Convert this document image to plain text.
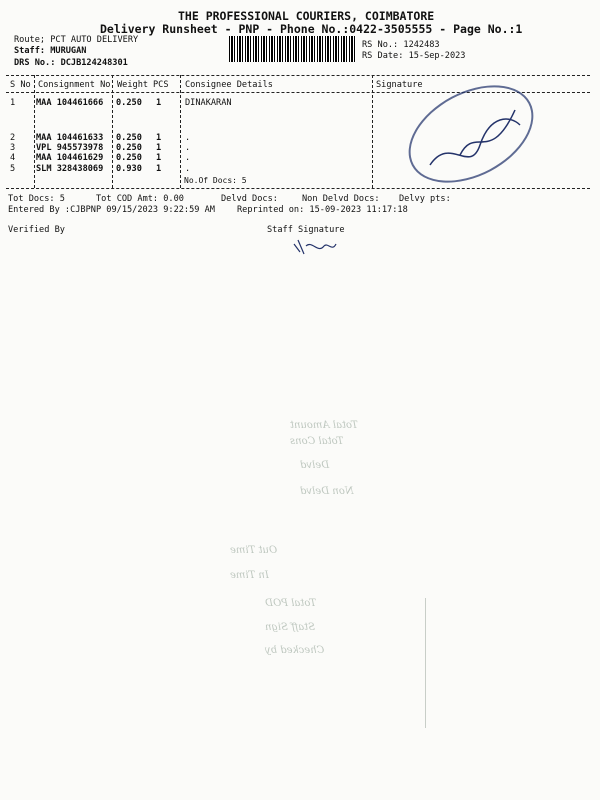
THE PROFESSIONAL COURIERS, COIMBATORE
Delivery Runsheet - PNP - Phone No.:0422-3505555 - Page No.:1
Route; PCT AUTO DELIVERY
Staff: MURUGAN
DRS No.: DCJB124248301
RS No.: 1242483
RS Date: 15-Sep-2023
S No Consignment No Weight PCS Consignee Details	Signature
1 MAA 104461666 0.250 1	DINAKARAN
2 MAA 104461633 0.250 1	.
3 VPL 945573978 0.250 1	.
4 MAA 104461629 0.250 1	.
5 SLM 328438069 0.930 1	.
No.Of Docs: 5

Tot Docs: 5	Tot COD Amt: 0.00	Delvd Docs:	Non Delvd Docs: Delvy pts:
Entered By :CJBPNP 09/15/2023 9:22:59 AM	Reprinted on: 15-09-2023 11:17:18
Verified By	Staff Signature
Total Amount
Total Cons
Delvd
Non Delvd
Out Time
In Time
Total POD
Staff Sign
Checked by
